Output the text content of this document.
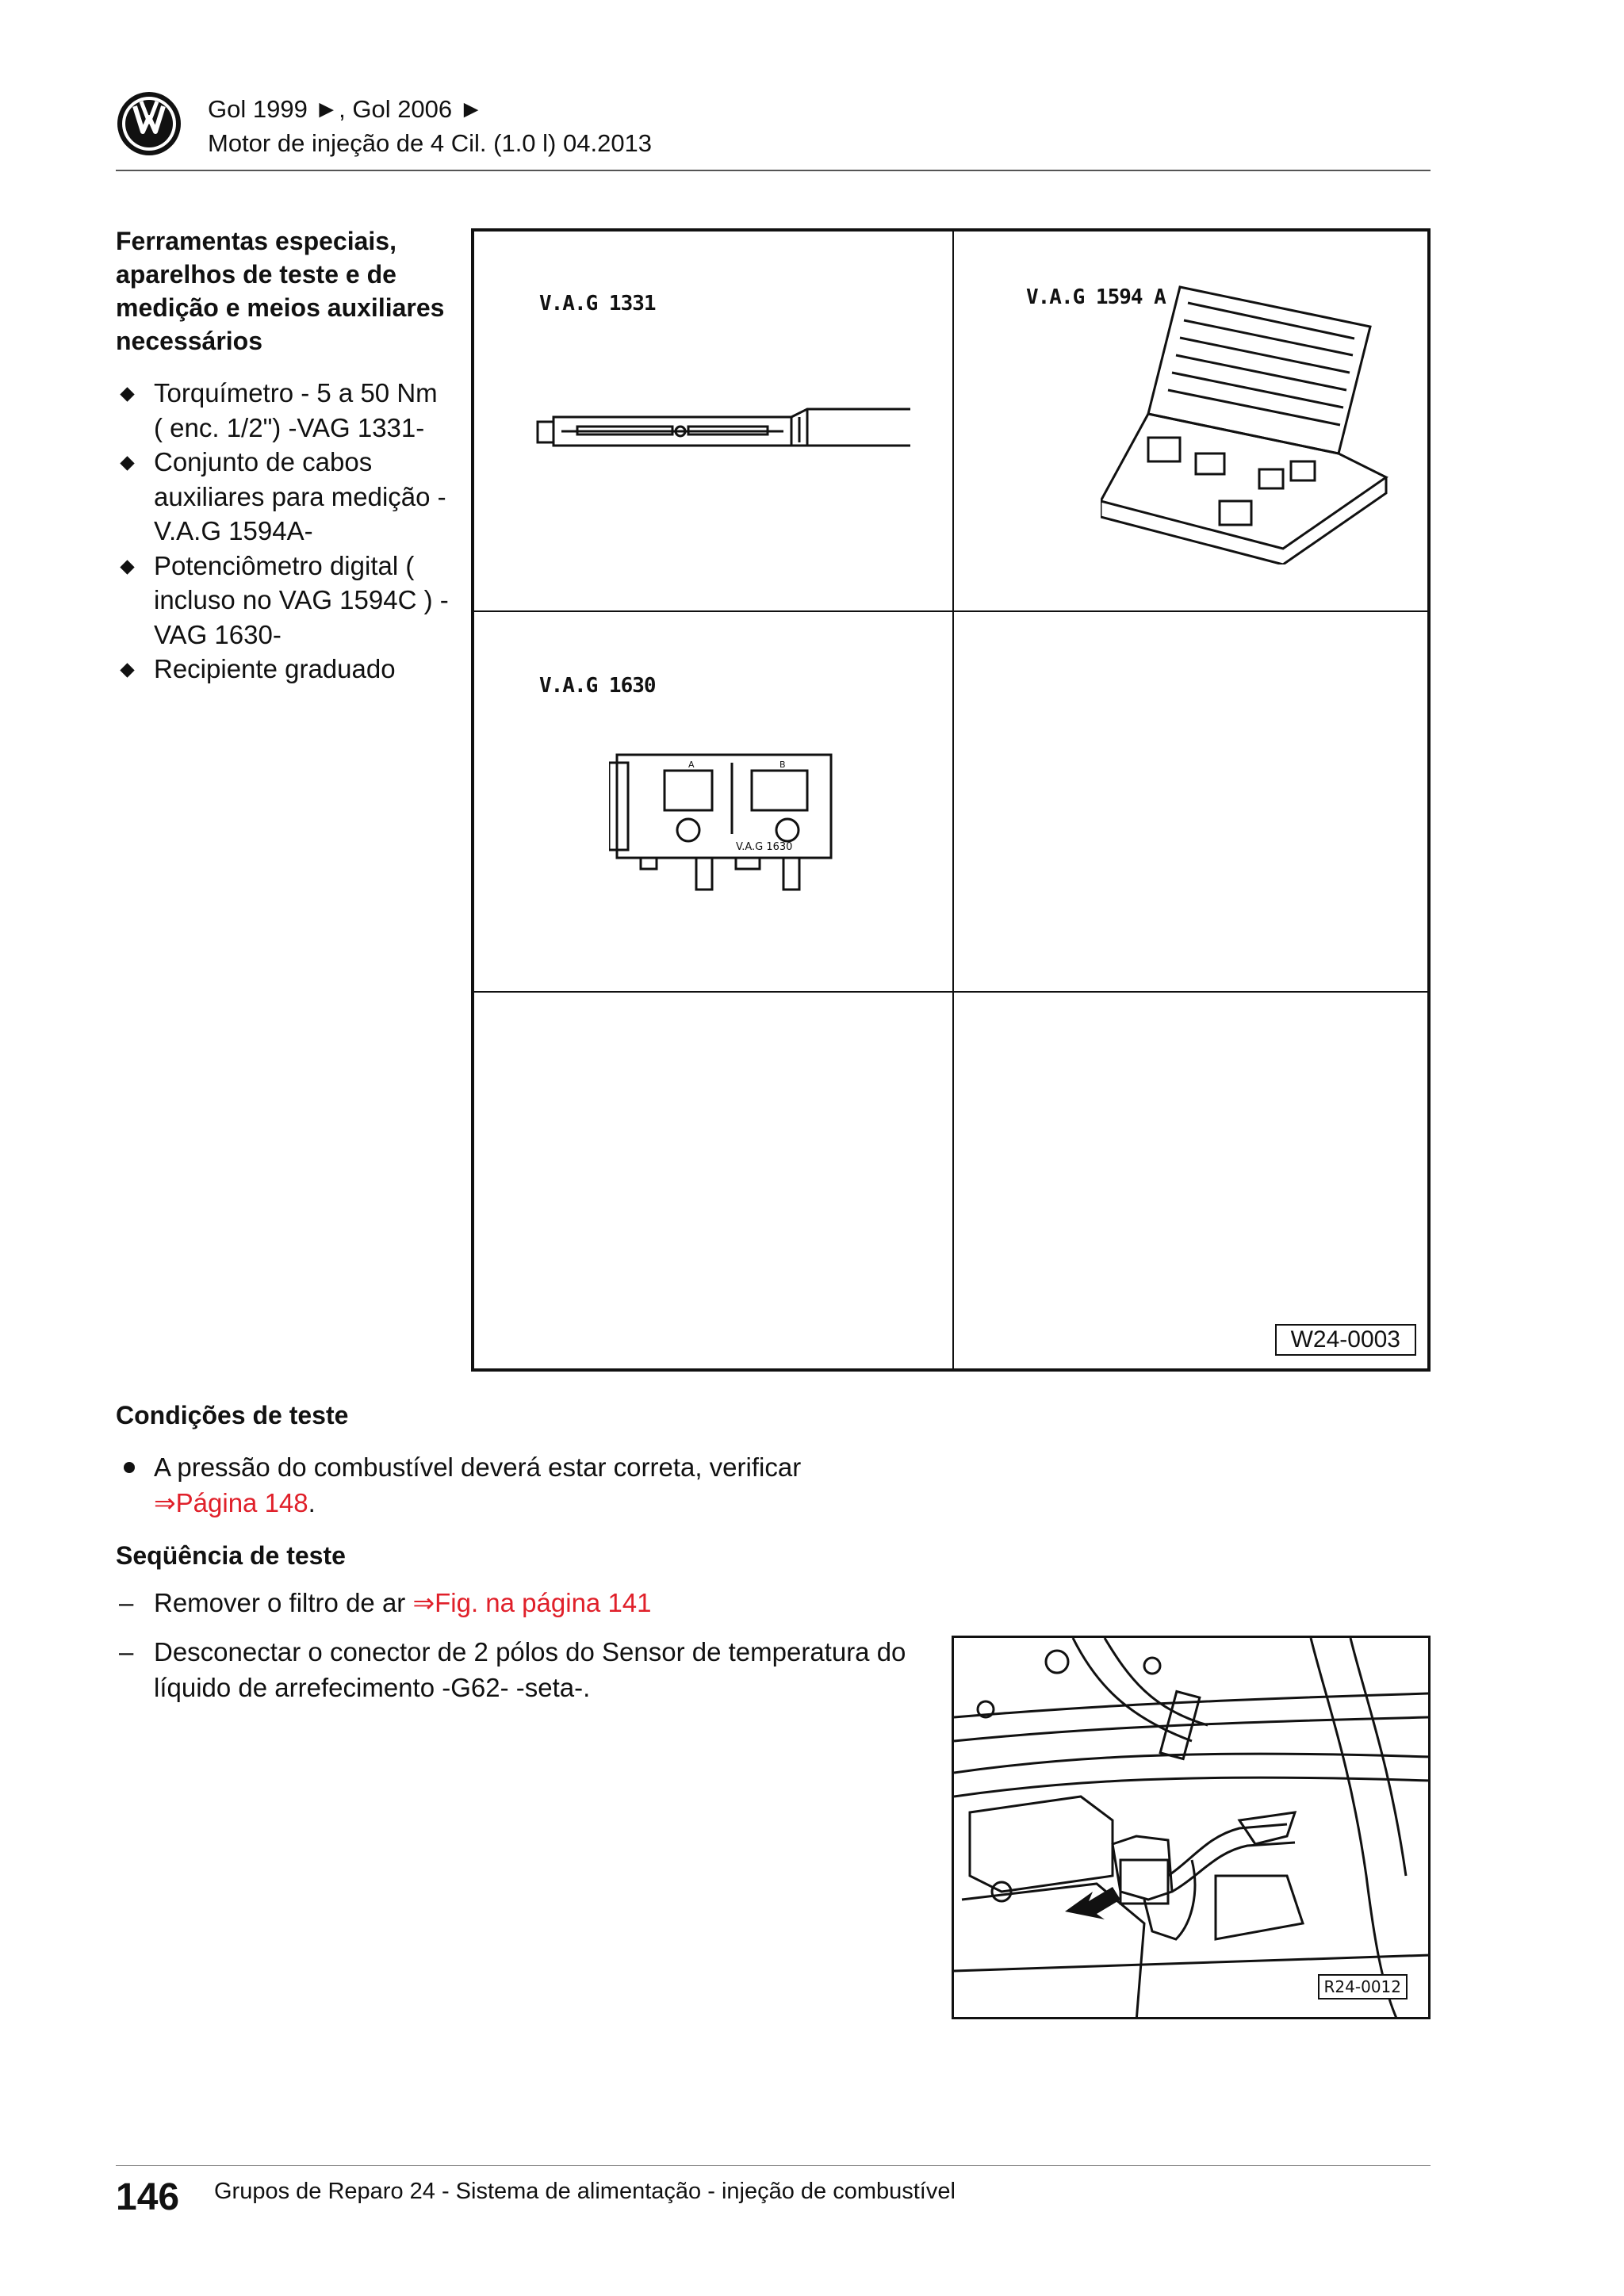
Gol 1999 ►, Gol 2006 ►
Motor de injeção de 4 Cil. (1.0 l) 04.2013
Ferramentas especiais, aparelhos de teste e de medição e meios auxiliares necessários
Torquímetro - 5 a 50 Nm ( enc. 1/2") -VAG 1331-
Conjunto de cabos auxiliares para medição -V.A.G 1594A-
Potenciômetro digital ( incluso no VAG 1594C ) -VAG 1630-
Recipiente graduado
V.A.G 1331	V.A.G 1594 A
V.A.G 1630
V.A.G 1630
A	B
W24-0003
Condições de teste
A pressão do combustível deverá estar correta, verificar
⇒Página 148.
Seqüência de teste
– Remover o filtro de ar ⇒Fig. na página 141
– Desconectar o conector de 2 pólos do Sensor de temperatura do líquido de arrefecimento -G62- -seta-.
R24-0012
146 Grupos de Reparo 24 - Sistema de alimentação - injeção de combustível
